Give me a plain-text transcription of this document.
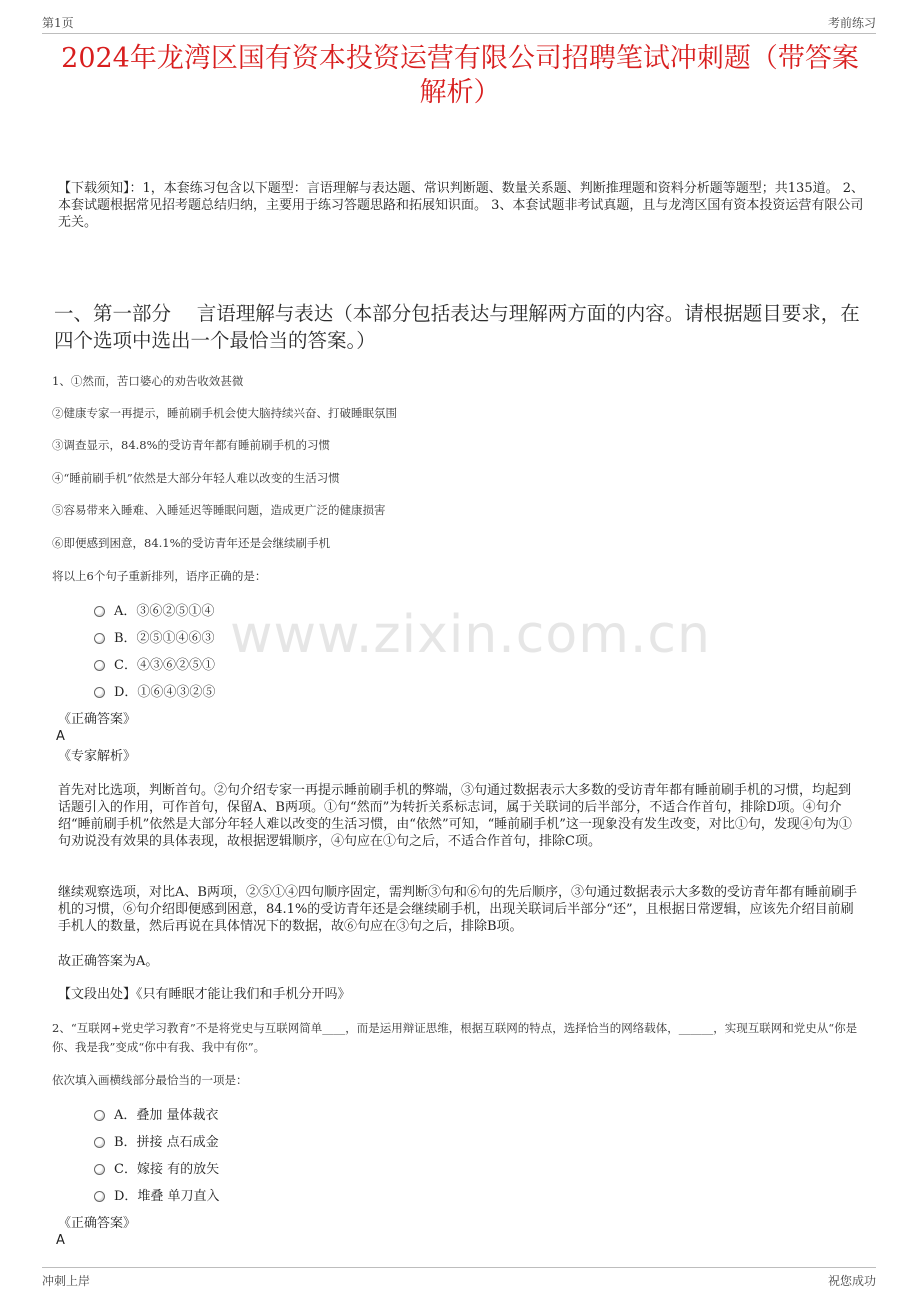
第1页	考前练习
2024年龙湾区国有资本投资运营有限公司招聘笔试冲刺题（带答案解析）
【下载须知】：1，本套练习包含以下题型：言语理解与表达题、常识判断题、数量关系题、判断推理题和资料分析题等题型；共135道。 2、本套试题根据常见招考题总结归纳，主要用于练习答题思路和拓展知识面。 3、本套试题非考试真题，且与龙湾区国有资本投资运营有限公司无关。
一、第一部分　 言语理解与表达（本部分包括表达与理解两方面的内容。请根据题目要求，在四个选项中选出一个最恰当的答案。）
1、①然而，苦口婆心的劝告收效甚微
②健康专家一再提示，睡前刷手机会使大脑持续兴奋、打破睡眠氛围
③调查显示，84.8%的受访青年都有睡前刷手机的习惯
④“睡前刷手机”依然是大部分年轻人难以改变的生活习惯
⑤容易带来入睡难、入睡延迟等睡眠问题，造成更广泛的健康损害
⑥即便感到困意，84.1%的受访青年还是会继续刷手机
将以上6个句子重新排列，语序正确的是：
www.zixin.com.cn
A．③⑥②⑤①④
B．②⑤①④⑥③
C．④③⑥②⑤①
D．①⑥④③②⑤
《正确答案》
A
《专家解析》
首先对比选项，判断首句。②句介绍专家一再提示睡前刷手机的弊端，③句通过数据表示大多数的受访青年都有睡前刷手机的习惯，均起到话题引入的作用，可作首句，保留A、B两项。①句“然而”为转折关系标志词，属于关联词的后半部分，不适合作首句，排除D项。④句介绍“睡前刷手机”依然是大部分年轻人难以改变的生活习惯，由“依然”可知，“睡前刷手机”这一现象没有发生改变，对比①句，发现④句为①句劝说没有效果的具体表现，故根据逻辑顺序，④句应在①句之后，不适合作首句，排除C项。
继续观察选项，对比A、B两项，②⑤①④四句顺序固定，需判断③句和⑥句的先后顺序，③句通过数据表示大多数的受访青年都有睡前刷手机的习惯，⑥句介绍即便感到困意，84.1%的受访青年还是会继续刷手机，出现关联词后半部分“还”，且根据日常逻辑，应该先介绍目前刷手机人的数量，然后再说在具体情况下的数据，故⑥句应在③句之后，排除B项。
故正确答案为A。
【文段出处】《只有睡眠才能让我们和手机分开吗》
2、“互联网+党史学习教育”不是将党史与互联网简单____，而是运用辩证思维，根据互联网的特点，选择恰当的网络载体，______，实现互联网和党史从“你是你、我是我”变成“你中有我、我中有你”。
依次填入画横线部分最恰当的一项是：
A．叠加 量体裁衣
B．拼接 点石成金
C．嫁接 有的放矢
D．堆叠 单刀直入
《正确答案》
A
冲刺上岸	祝您成功
